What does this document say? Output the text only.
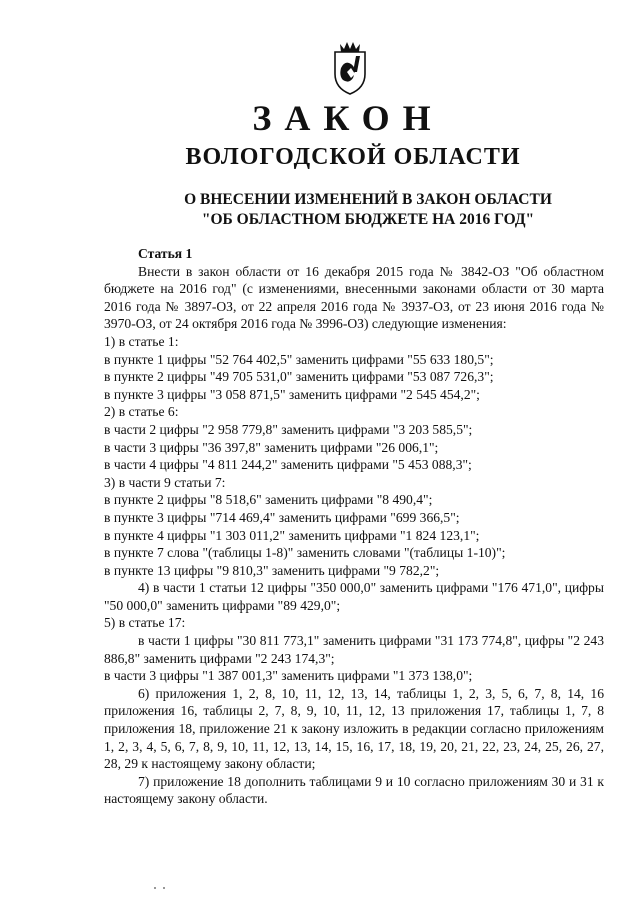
ЗАКОН
ВОЛОГОДСКОЙ ОБЛАСТИ
О ВНЕСЕНИИ ИЗМЕНЕНИЙ В ЗАКОН ОБЛАСТИ
"ОБ ОБЛАСТНОМ БЮДЖЕТЕ НА 2016 ГОД"
Статья 1

Внести в закон области от 16 декабря 2015 года № 3842-ОЗ "Об областном бюджете на 2016 год" (с изменениями, внесенными законами области от 30 марта 2016 года № 3897-ОЗ, от 22 апреля 2016 года № 3937-ОЗ, от 23 июня 2016 года № 3970-ОЗ, от 24 октября 2016 года № 3996-ОЗ) следующие изменения:

1) в статье 1:
в пункте 1 цифры "52 764 402,5" заменить цифрами "55 633 180,5";
в пункте 2 цифры "49 705 531,0" заменить цифрами "53 087 726,3";
в пункте 3 цифры "3 058 871,5" заменить цифрами "2 545 454,2";
2) в статье 6:
в части 2 цифры "2 958 779,8" заменить цифрами "3 203 585,5";
в части 3 цифры "36 397,8" заменить цифрами "26 006,1";
в части 4 цифры "4 811 244,2" заменить цифрами "5 453 088,3";
3) в части 9 статьи 7:
в пункте 2 цифры "8 518,6" заменить цифрами "8 490,4";
в пункте 3 цифры "714 469,4" заменить цифрами "699 366,5";
в пункте 4 цифры "1 303 011,2" заменить цифрами "1 824 123,1";
в пункте 7 слова "(таблицы 1-8)" заменить словами "(таблицы 1-10)";
в пункте 13 цифры "9 810,3" заменить цифрами "9 782,2";
4) в части 1 статьи 12 цифры "350 000,0" заменить цифрами "176 471,0", цифры "50 000,0" заменить цифрами "89 429,0";
5) в статье 17:
в части 1 цифры "30 811 773,1" заменить цифрами "31 173 774,8", цифры "2 243 886,8" заменить цифрами "2 243 174,3";
в части 3 цифры "1 387 001,3" заменить цифрами "1 373 138,0";
6) приложения 1, 2, 8, 10, 11, 12, 13, 14, таблицы 1, 2, 3, 5, 6, 7, 8, 14, 16 приложения 16, таблицы 2, 7, 8, 9, 10, 11, 12, 13 приложения 17, таблицы 1, 7, 8 приложения 18, приложение 21 к закону изложить в редакции согласно приложениям 1, 2, 3, 4, 5, 6, 7, 8, 9, 10, 11, 12, 13, 14, 15, 16, 17, 18, 19, 20, 21, 22, 23, 24, 25, 26, 27, 28, 29 к настоящему закону области;
7) приложение 18 дополнить таблицами 9 и 10 согласно приложениям 30 и 31 к настоящему закону области.
